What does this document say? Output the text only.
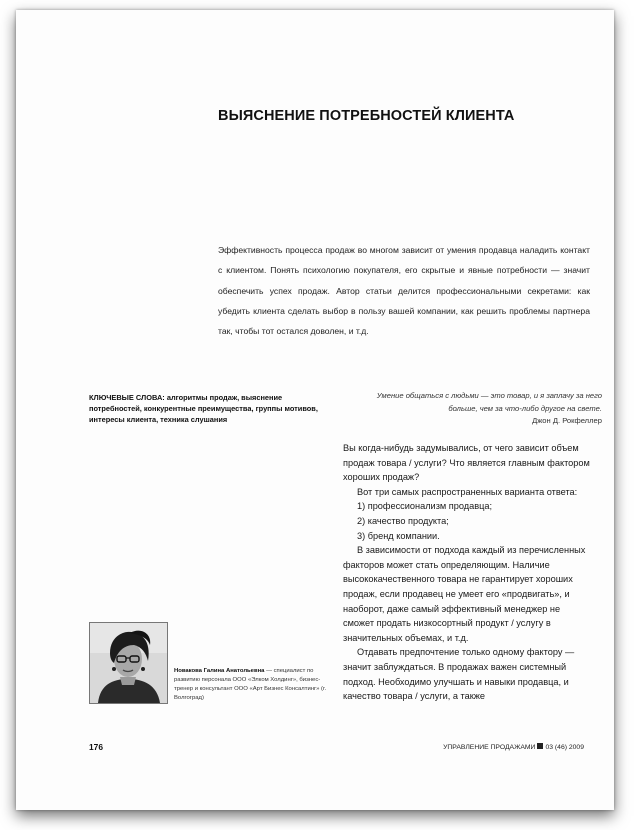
ВЫЯСНЕНИЕ ПОТРЕБНОСТЕЙ КЛИЕНТА
Эффективность процесса продаж во многом зависит от умения продавца наладить контакт с клиентом. Понять психологию покупателя, его скрытые и явные потребности — значит обеспечить успех продаж. Автор статьи делится профессиональными секретами: как убедить клиента сделать выбор в пользу вашей компании, как решить проблемы партнера так, чтобы тот остался доволен, и т.д.
КЛЮЧЕВЫЕ СЛОВА: алгоритмы продаж, выяснение потребностей, конкурентные преимущества, группы мотивов, интересы клиента, техника слушания
Умение общаться с людьми — это товар, и я заплачу за него больше, чем за что-либо другое на свете.
Джон Д. Рокфеллер

Вы когда-нибудь задумывались, от чего зависит объем продаж товара / услуги? Что является главным фактором хороших продаж?

Вот три самых распространенных варианта ответа:

1) профессионализм продавца;

2) качество продукта;

3) бренд компании.

В зависимости от подхода каждый из перечисленных факторов может стать определяющим. Наличие высококачественного товара не гарантирует хороших продаж, если продавец не умеет его «продвигать», и наоборот, даже самый эффективный менеджер не сможет продать низкосортный продукт / услугу в значительных объемах, и т.д.

Отдавать предпочтение только одному фактору — значит заблуждаться. В продажах важен системный подход. Необходимо улучшать и навыки продавца, и качество товара / услуги, а также

Новакова Галина Анатольевна — специалист по развитию персонала ООО «Элком Холдинг», бизнес-тренер и консультант ООО «Арт Бизнес Консалтинг» (г. Волгоград)
176	УПРАВЛЕНИЕ ПРОДАЖАМИ 03 (46) 2009
